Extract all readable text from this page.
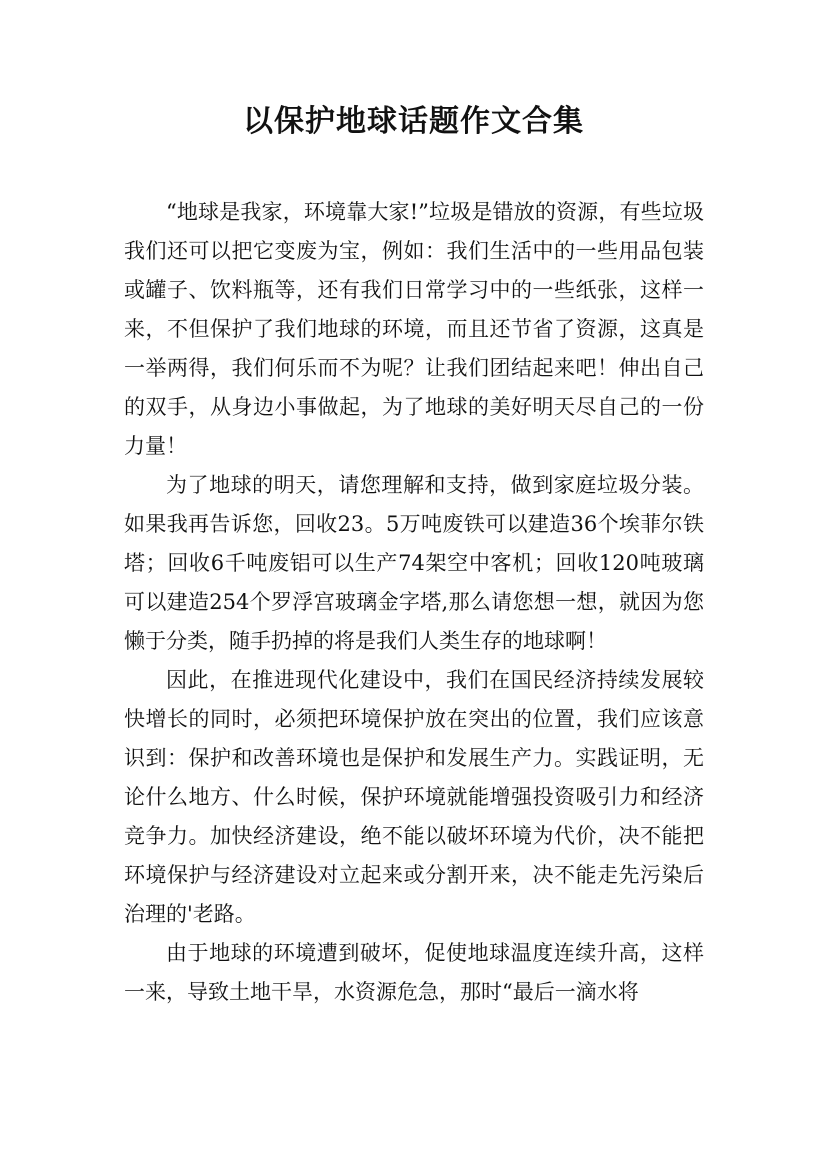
以保护地球话题作文合集

“地球是我家，环境靠大家!”垃圾是错放的资源，有些垃圾我们还可以把它变废为宝，例如：我们生活中的一些用品包装或罐子、饮料瓶等，还有我们日常学习中的一些纸张，这样一来，不但保护了我们地球的环境，而且还节省了资源，这真是一举两得，我们何乐而不为呢？让我们团结起来吧！伸出自己的双手，从身边小事做起，为了地球的美好明天尽自己的一份力量！

为了地球的明天，请您理解和支持，做到家庭垃圾分装。如果我再告诉您，回收23。5万吨废铁可以建造36个埃菲尔铁塔；回收6千吨废铝可以生产74架空中客机；回收120吨玻璃可以建造254个罗浮宫玻璃金字塔,那么请您想一想，就因为您懒于分类，随手扔掉的将是我们人类生存的地球啊！

因此，在推进现代化建设中，我们在国民经济持续发展较快增长的同时，必须把环境保护放在突出的位置，我们应该意识到：保护和改善环境也是保护和发展生产力。实践证明，无论什么地方、什么时候，保护环境就能增强投资吸引力和经济竞争力。加快经济建设，绝不能以破坏环境为代价，决不能把环境保护与经济建设对立起来或分割开来，决不能走先污染后治理的'老路。

由于地球的环境遭到破坏，促使地球温度连续升高，这样一来，导致土地干旱，水资源危急，那时“最后一滴水将
